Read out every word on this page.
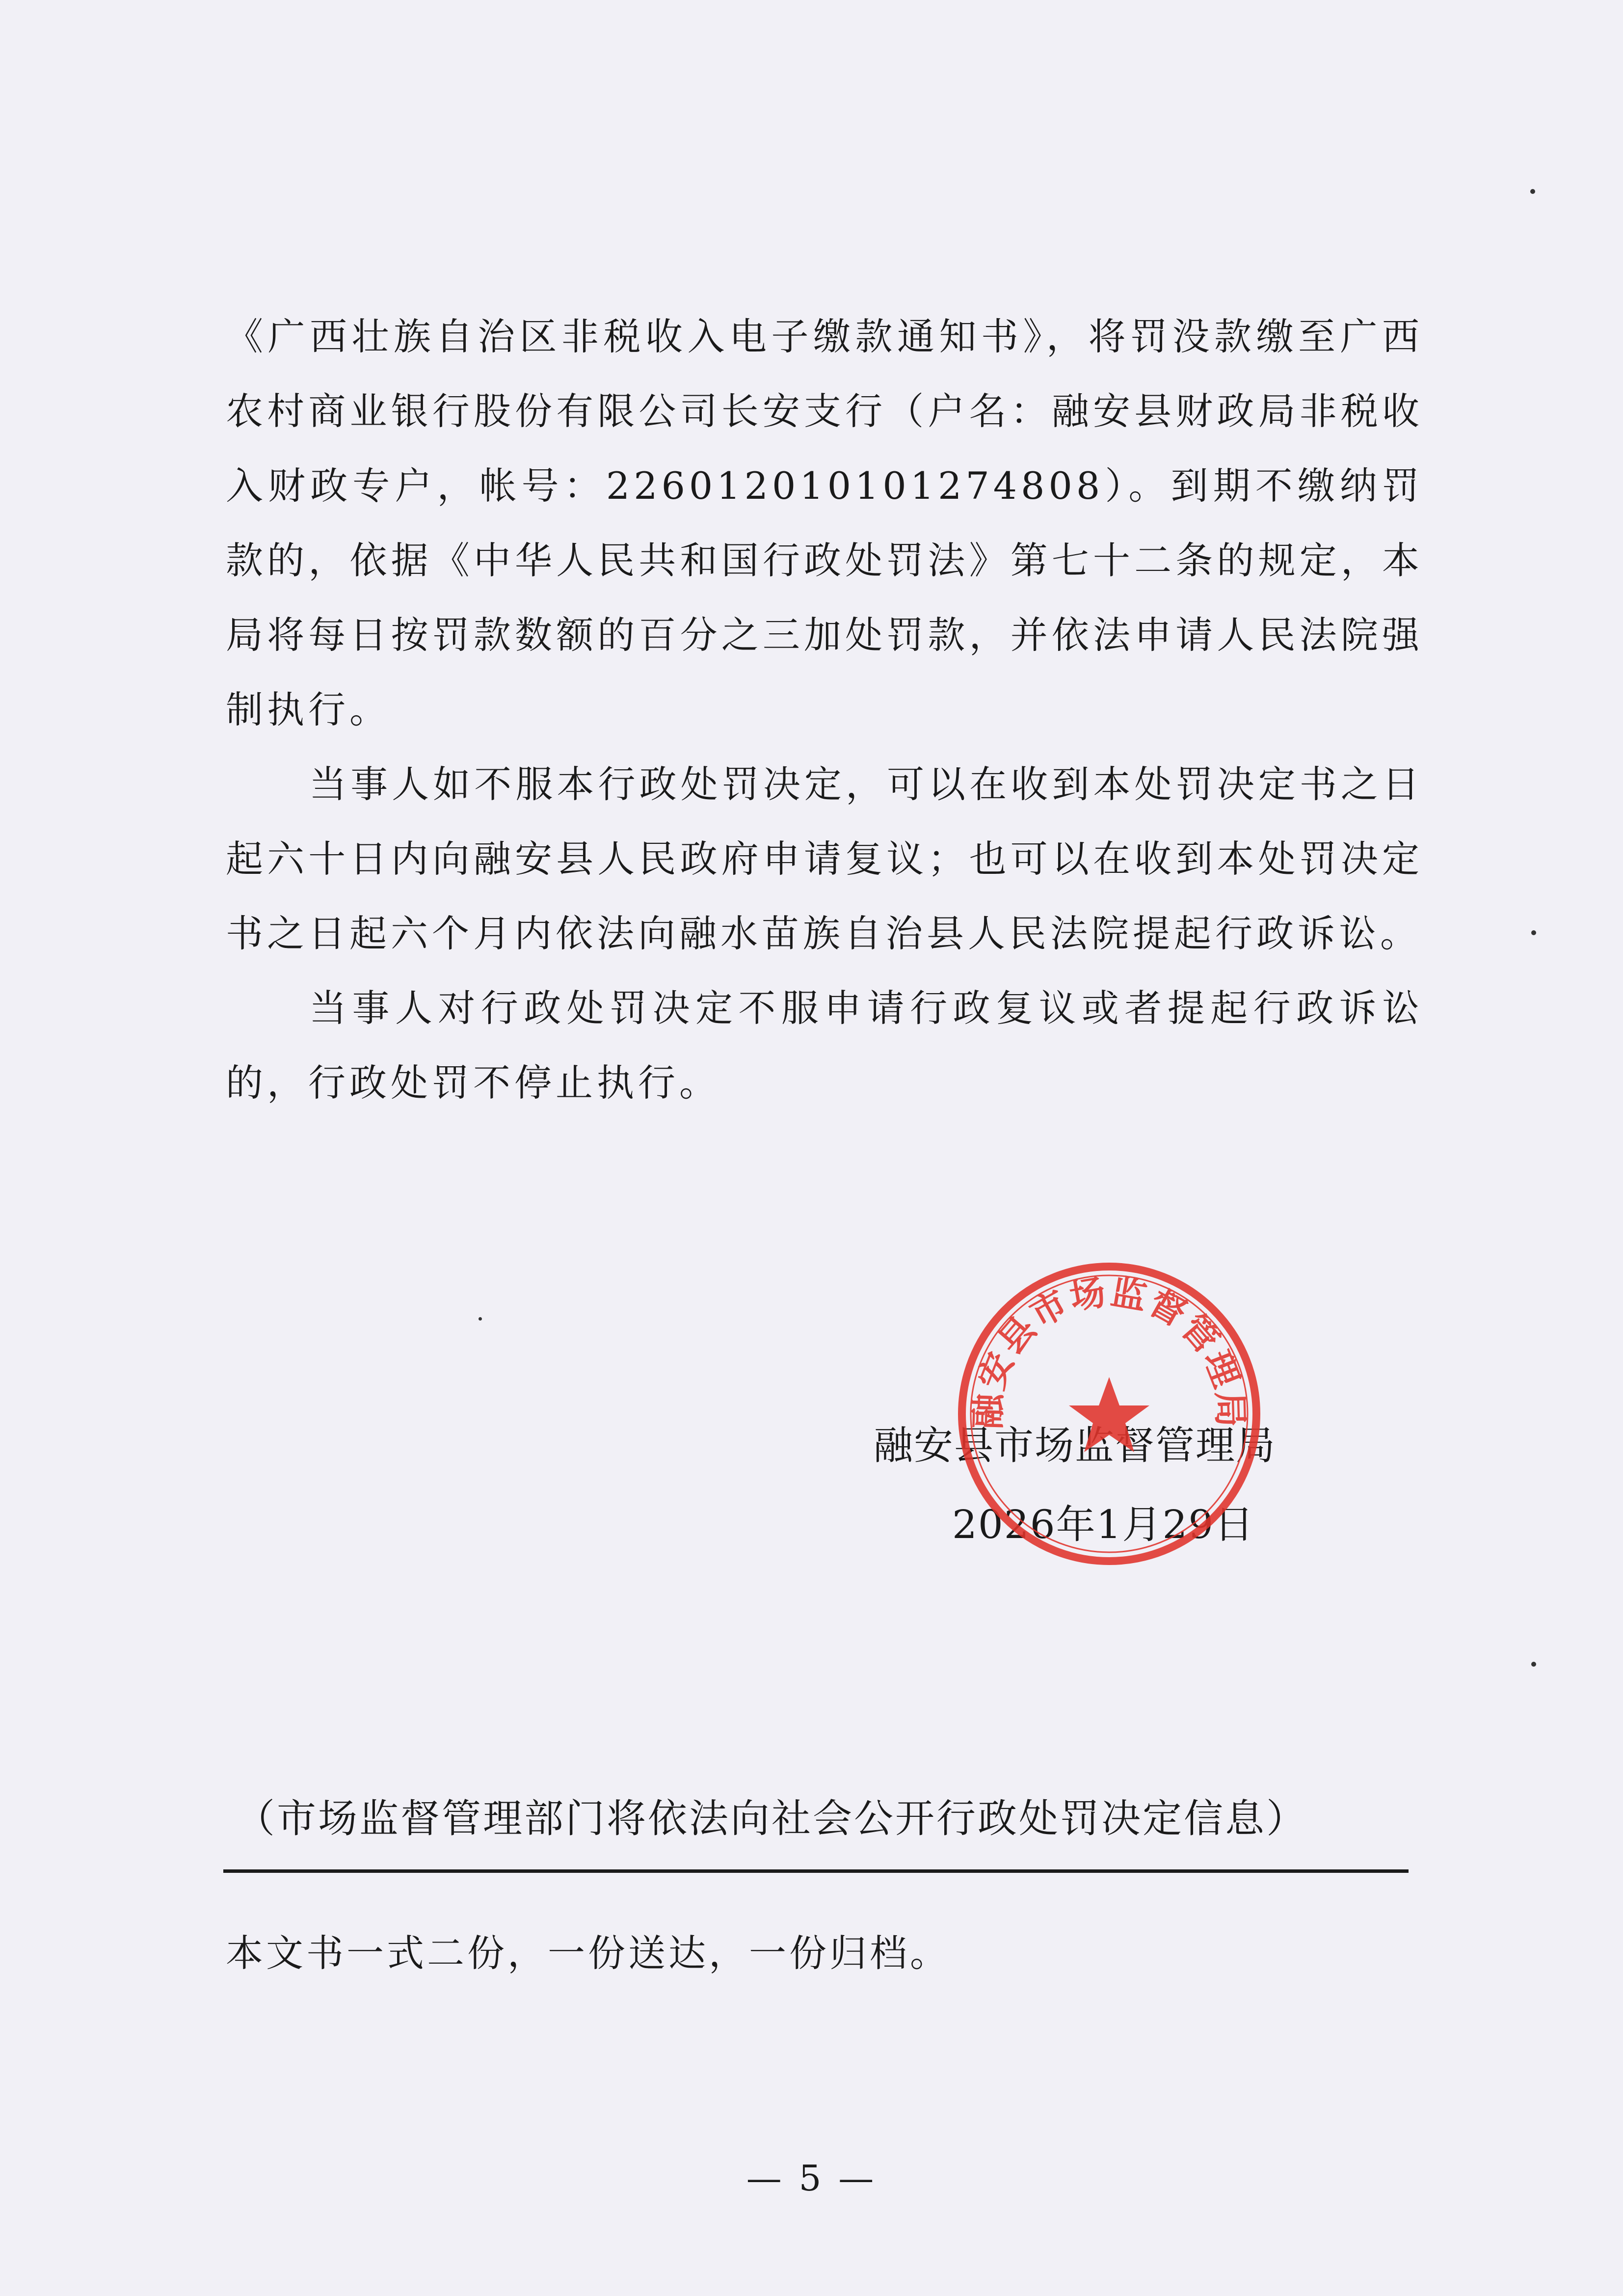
《广西壮族自治区非税收入电子缴款通知书》，将罚没款缴至广西农村商业银行股份有限公司长安支行（户名：融安县财政局非税收入财政专户，帐号：226012010101274808）。到期不缴纳罚款的，依据《中华人民共和国行政处罚法》第七十二条的规定，本局将每日按罚款数额的百分之三加处罚款，并依法申请人民法院强制执行。

当事人如不服本行政处罚决定，可以在收到本处罚决定书之日起六十日内向融安县人民政府申请复议；也可以在收到本处罚决定书之日起六个月内依法向融水苗族自治县人民法院提起行政诉讼。

当事人对行政处罚决定不服申请行政复议或者提起行政诉讼的，行政处罚不停止执行。

融安县市场监督管理局
2026年1月29日
融安县市场监督管理局
（市场监督管理部门将依法向社会公开行政处罚决定信息）
本文书一式二份，一份送达，一份归档。
— 5 —
